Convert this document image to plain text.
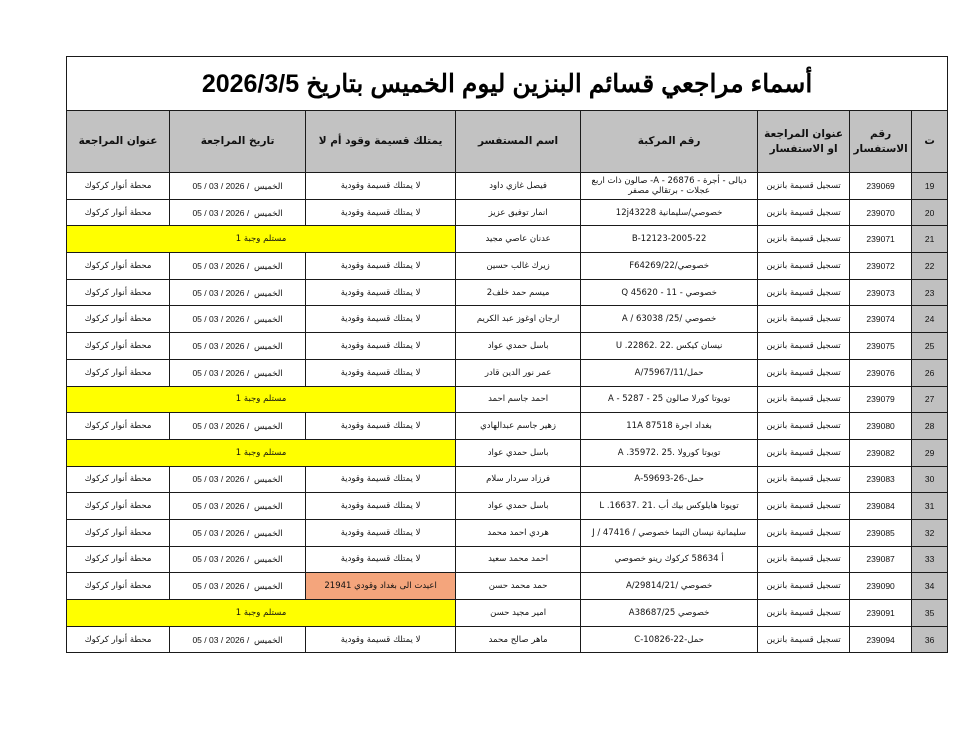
أسماء مراجعي قسائم البنزين ليوم الخميس بتاريخ 2026/3/5							
ت	رقم الاستفسار	عنوان المراجعة او الاستفسار	رقم المركبة	اسم المستفسر	يمتلك قسيمة وقود أم لا	تاريخ المراجعة	عنوان المراجعة
19	239069	تسجيل قسيمة بانزين	ديالى - أجرة - 26876 - A- صالون ذات اربع عجلات - برتقالي مصفر	فيصل غازي داود	لا يمتلك قسيمة وقودية	الخميس  / 2026 / 03 / 05	محطة أنوار كركوك
20	239070	تسجيل قسيمة بانزين	خصوصي/سليمانية 12j43228	انمار توفيق عزيز	لا يمتلك قسيمة وقودية	الخميس  / 2026 / 03 / 05	محطة أنوار كركوك
21	239071	تسجيل قسيمة بانزين	2005-22-B-12123	عدنان عاصي مجيد	مستلم وجبة 1		
22	239072	تسجيل قسيمة بانزين	خصوصي/F64269/22	زيرك غالب حسين	لا يمتلك قسيمة وقودية	الخميس  / 2026 / 03 / 05	محطة أنوار كركوك
23	239073	تسجيل قسيمة بانزين	خصوصي - 11 - Q 45620	ميسم حمد خلف2	لا يمتلك قسيمة وقودية	الخميس  / 2026 / 03 / 05	محطة أنوار كركوك
24	239074	تسجيل قسيمة بانزين	خصوصي /25/ A / 63038	ارجان اوغوز عبد الكريم	لا يمتلك قسيمة وقودية	الخميس  / 2026 / 03 / 05	محطة أنوار كركوك
25	239075	تسجيل قسيمة بانزين	نيسان كيكس .22 .U .22862	باسل حمدي عواد	لا يمتلك قسيمة وقودية	الخميس  / 2026 / 03 / 05	محطة أنوار كركوك
26	239076	تسجيل قسيمة بانزين	حمل/75967/11/A	عمر نور الدين قادر	لا يمتلك قسيمة وقودية	الخميس  / 2026 / 03 / 05	محطة أنوار كركوك
27	239079	تسجيل قسيمة بانزين	تويوتا كورلا صالون 25 - A - 5287	احمد جاسم احمد	مستلم وجبة 1		
28	239080	تسجيل قسيمة بانزين	بغداد اجرة 87518 11A	زهير جاسم عبدالهادي	لا يمتلك قسيمة وقودية	الخميس  / 2026 / 03 / 05	محطة أنوار كركوك
29	239082	تسجيل قسيمة بانزين	تويوتا كورولا .25 .A .35972	باسل حمدي عواد	مستلم وجبة 1		
30	239083	تسجيل قسيمة بانزين	حمل-26-59693-A	فرزاد سردار سلام	لا يمتلك قسيمة وقودية	الخميس  / 2026 / 03 / 05	محطة أنوار كركوك
31	239084	تسجيل قسيمة بانزين	تويوتا هايلوكس بيك أب .21 .L .16637	باسل حمدي عواد	لا يمتلك قسيمة وقودية	الخميس  / 2026 / 03 / 05	محطة أنوار كركوك
32	239085	تسجيل قسيمة بانزين	سليمانية نيسان التيما خصوصي / J / 47416	هردي احمد محمد	لا يمتلك قسيمة وقودية	الخميس  / 2026 / 03 / 05	محطة أنوار كركوك
33	239087	تسجيل قسيمة بانزين	أ 58634 كركوك رينو خصوصي	احمد محمد سعيد	لا يمتلك قسيمة وقودية	الخميس  / 2026 / 03 / 05	محطة أنوار كركوك
34	239090	تسجيل قسيمة بانزين	خصوصي /A/29814/21	حمد محمد حسن	اعيدت الى بغداد وقودي 21941	الخميس  / 2026 / 03 / 05	محطة أنوار كركوك
35	239091	تسجيل قسيمة بانزين	خصوصي A38687/25	امير مجيد حسن	مستلم وجبة 1		
36	239094	تسجيل قسيمة بانزين	حمل-22-C-10826	ماهر صالح محمد	لا يمتلك قسيمة وقودية	الخميس  / 2026 / 03 / 05	محطة أنوار كركوك
